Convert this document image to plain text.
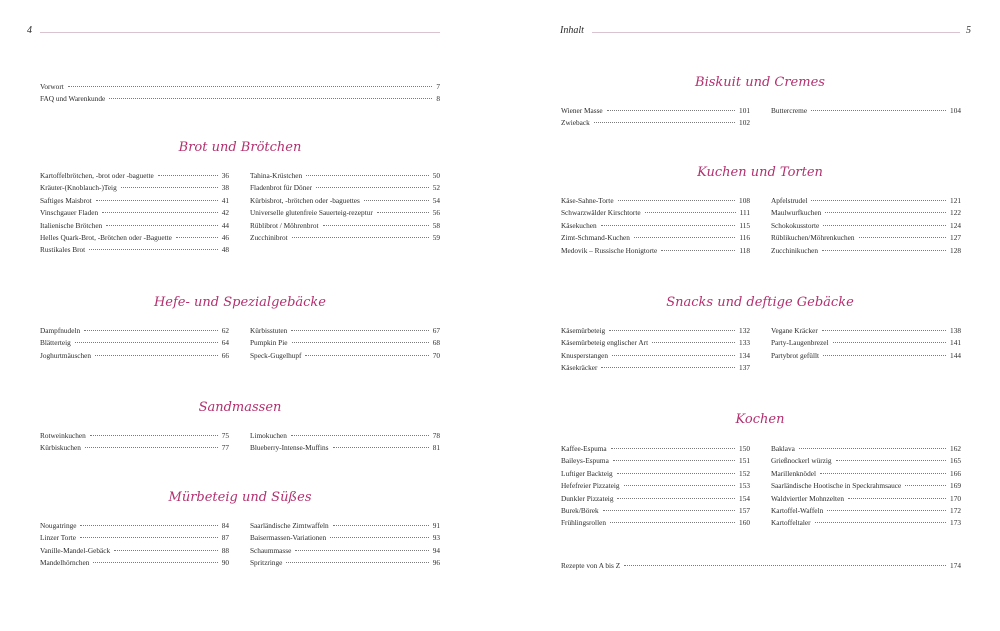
4	Inhalt	5
Vorwort	7
FAQ und Warenkunde	8
Brot und Brötchen
Kartoffelbrötchen, -brot oder -baguette	36
Kräuter-(Knoblauch-)Teig	38
Saftiges Maisbrot	41
Vinschgauer Fladen	42
Italienische Brötchen	44
Helles Quark-Brot, -Brötchen oder -Baguette	46
Rustikales Brot	48
Tahina-Krüstchen	50
Fladenbrot für Döner	52
Kürbisbrot, -brötchen oder -baguettes	54
Universelle glutenfreie Sauerteig-rezeptur	56
Rüblibrot / Möhrenbrot	58
Zucchinibrot	59
Hefe- und Spezialgebäcke
Dampfnudeln	62
Blätterteig	64
Joghurtmäuschen	66
Kürbisstuten	67
Pumpkin Pie	68
Speck-Gugelhupf	70
Sandmassen
Rotweinkuchen	75
Kürbiskuchen	77
Limokuchen	78
Blueberry-Intense-Muffins	81
Mürbeteig und Süßes
Nougatringe	84
Linzer Torte	87
Vanille-Mandel-Gebäck	88
Mandelhörnchen	90
Saarländische Zimtwaffeln	91
Baisermassen-Variationen	93
Schaummasse	94
Spritzringe	96
Biskuit und Cremes
Wiener Masse	101
Zwieback	102
Buttercreme	104
Kuchen und Torten
Käse-Sahne-Torte	108
Schwarzwälder Kirschtorte	111
Käsekuchen	115
Zimt-Schmand-Kuchen	116
Medovik – Russische Honigtorte	118
Apfelstrudel	121
Maulwurfkuchen	122
Schokokusstorte	124
Rüblikuchen/Möhrenkuchen	127
Zucchinikuchen	128
Snacks und deftige Gebäcke
Käsemürbeteig	132
Käsemürbeteig englischer Art	133
Knusperstangen	134
Käsekräcker	137
Vegane Kräcker	138
Party-Laugenbrezel	141
Partybrot gefüllt	144
Kochen
Kaffee-Espuma	150
Baileys-Espuma	151
Luftiger Backteig	152
Hefefreier Pizzateig	153
Dunkler Pizzateig	154
Burek/Börek	157
Frühlingsrollen	160
Baklava	162
Grießnockerl würzig	165
Marillenknödel	166
Saarländische Hootische in Speckrahmsauce	169
Waldviertler Mohnzelten	170
Kartoffel-Waffeln	172
Kartoffeltaler	173
Rezepte von A bis Z	174
